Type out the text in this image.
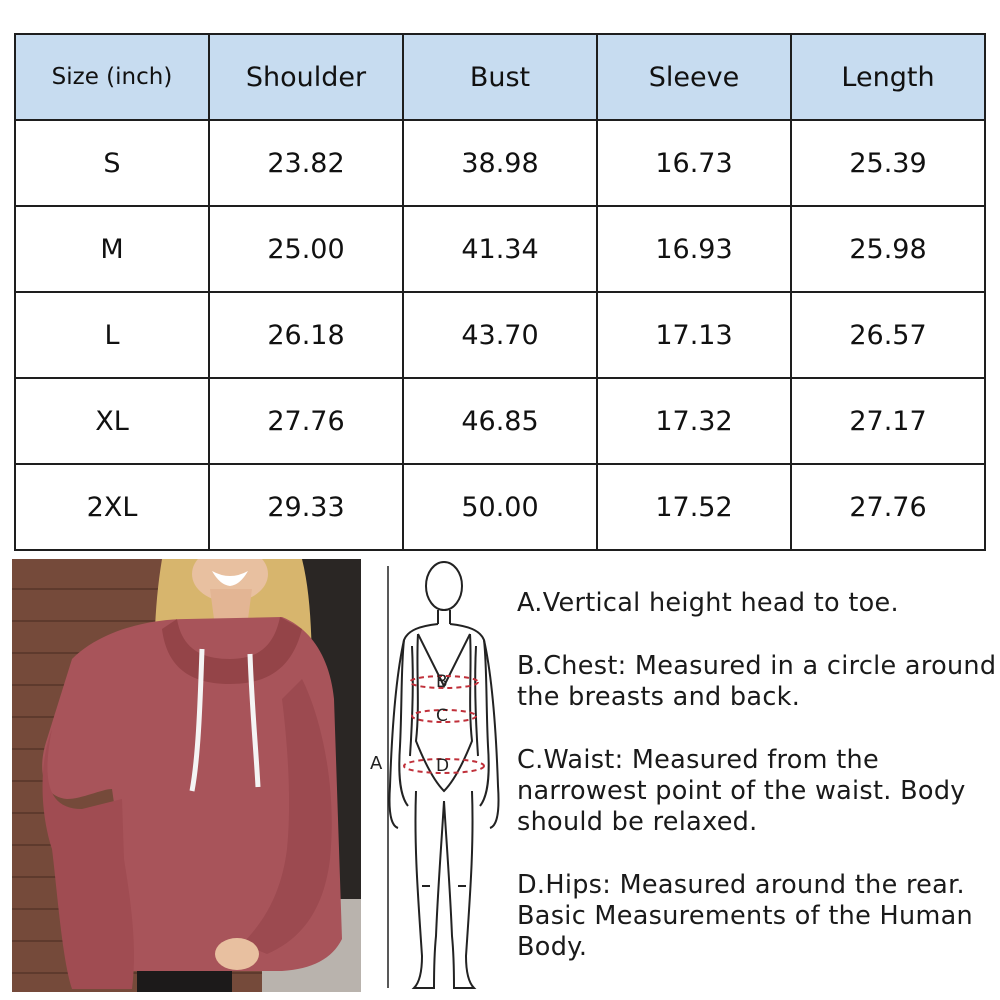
Size (inch)	Shoulder	Bust	Sleeve	Length
S	23.82	38.98	16.73	25.39
M	25.00	41.34	16.93	25.98
L	26.18	43.70	17.13	26.57
XL	27.76	46.85	17.32	27.17
2XL	29.33	50.00	17.52	27.76
A
B
C
D

A.Vertical height head to toe.

B.Chest: Measured in a circle around the breasts and back.

C.Waist: Measured from the narrowest point of the waist. Body should be relaxed.

D.Hips: Measured around the rear. Basic Measurements of the Human Body.
